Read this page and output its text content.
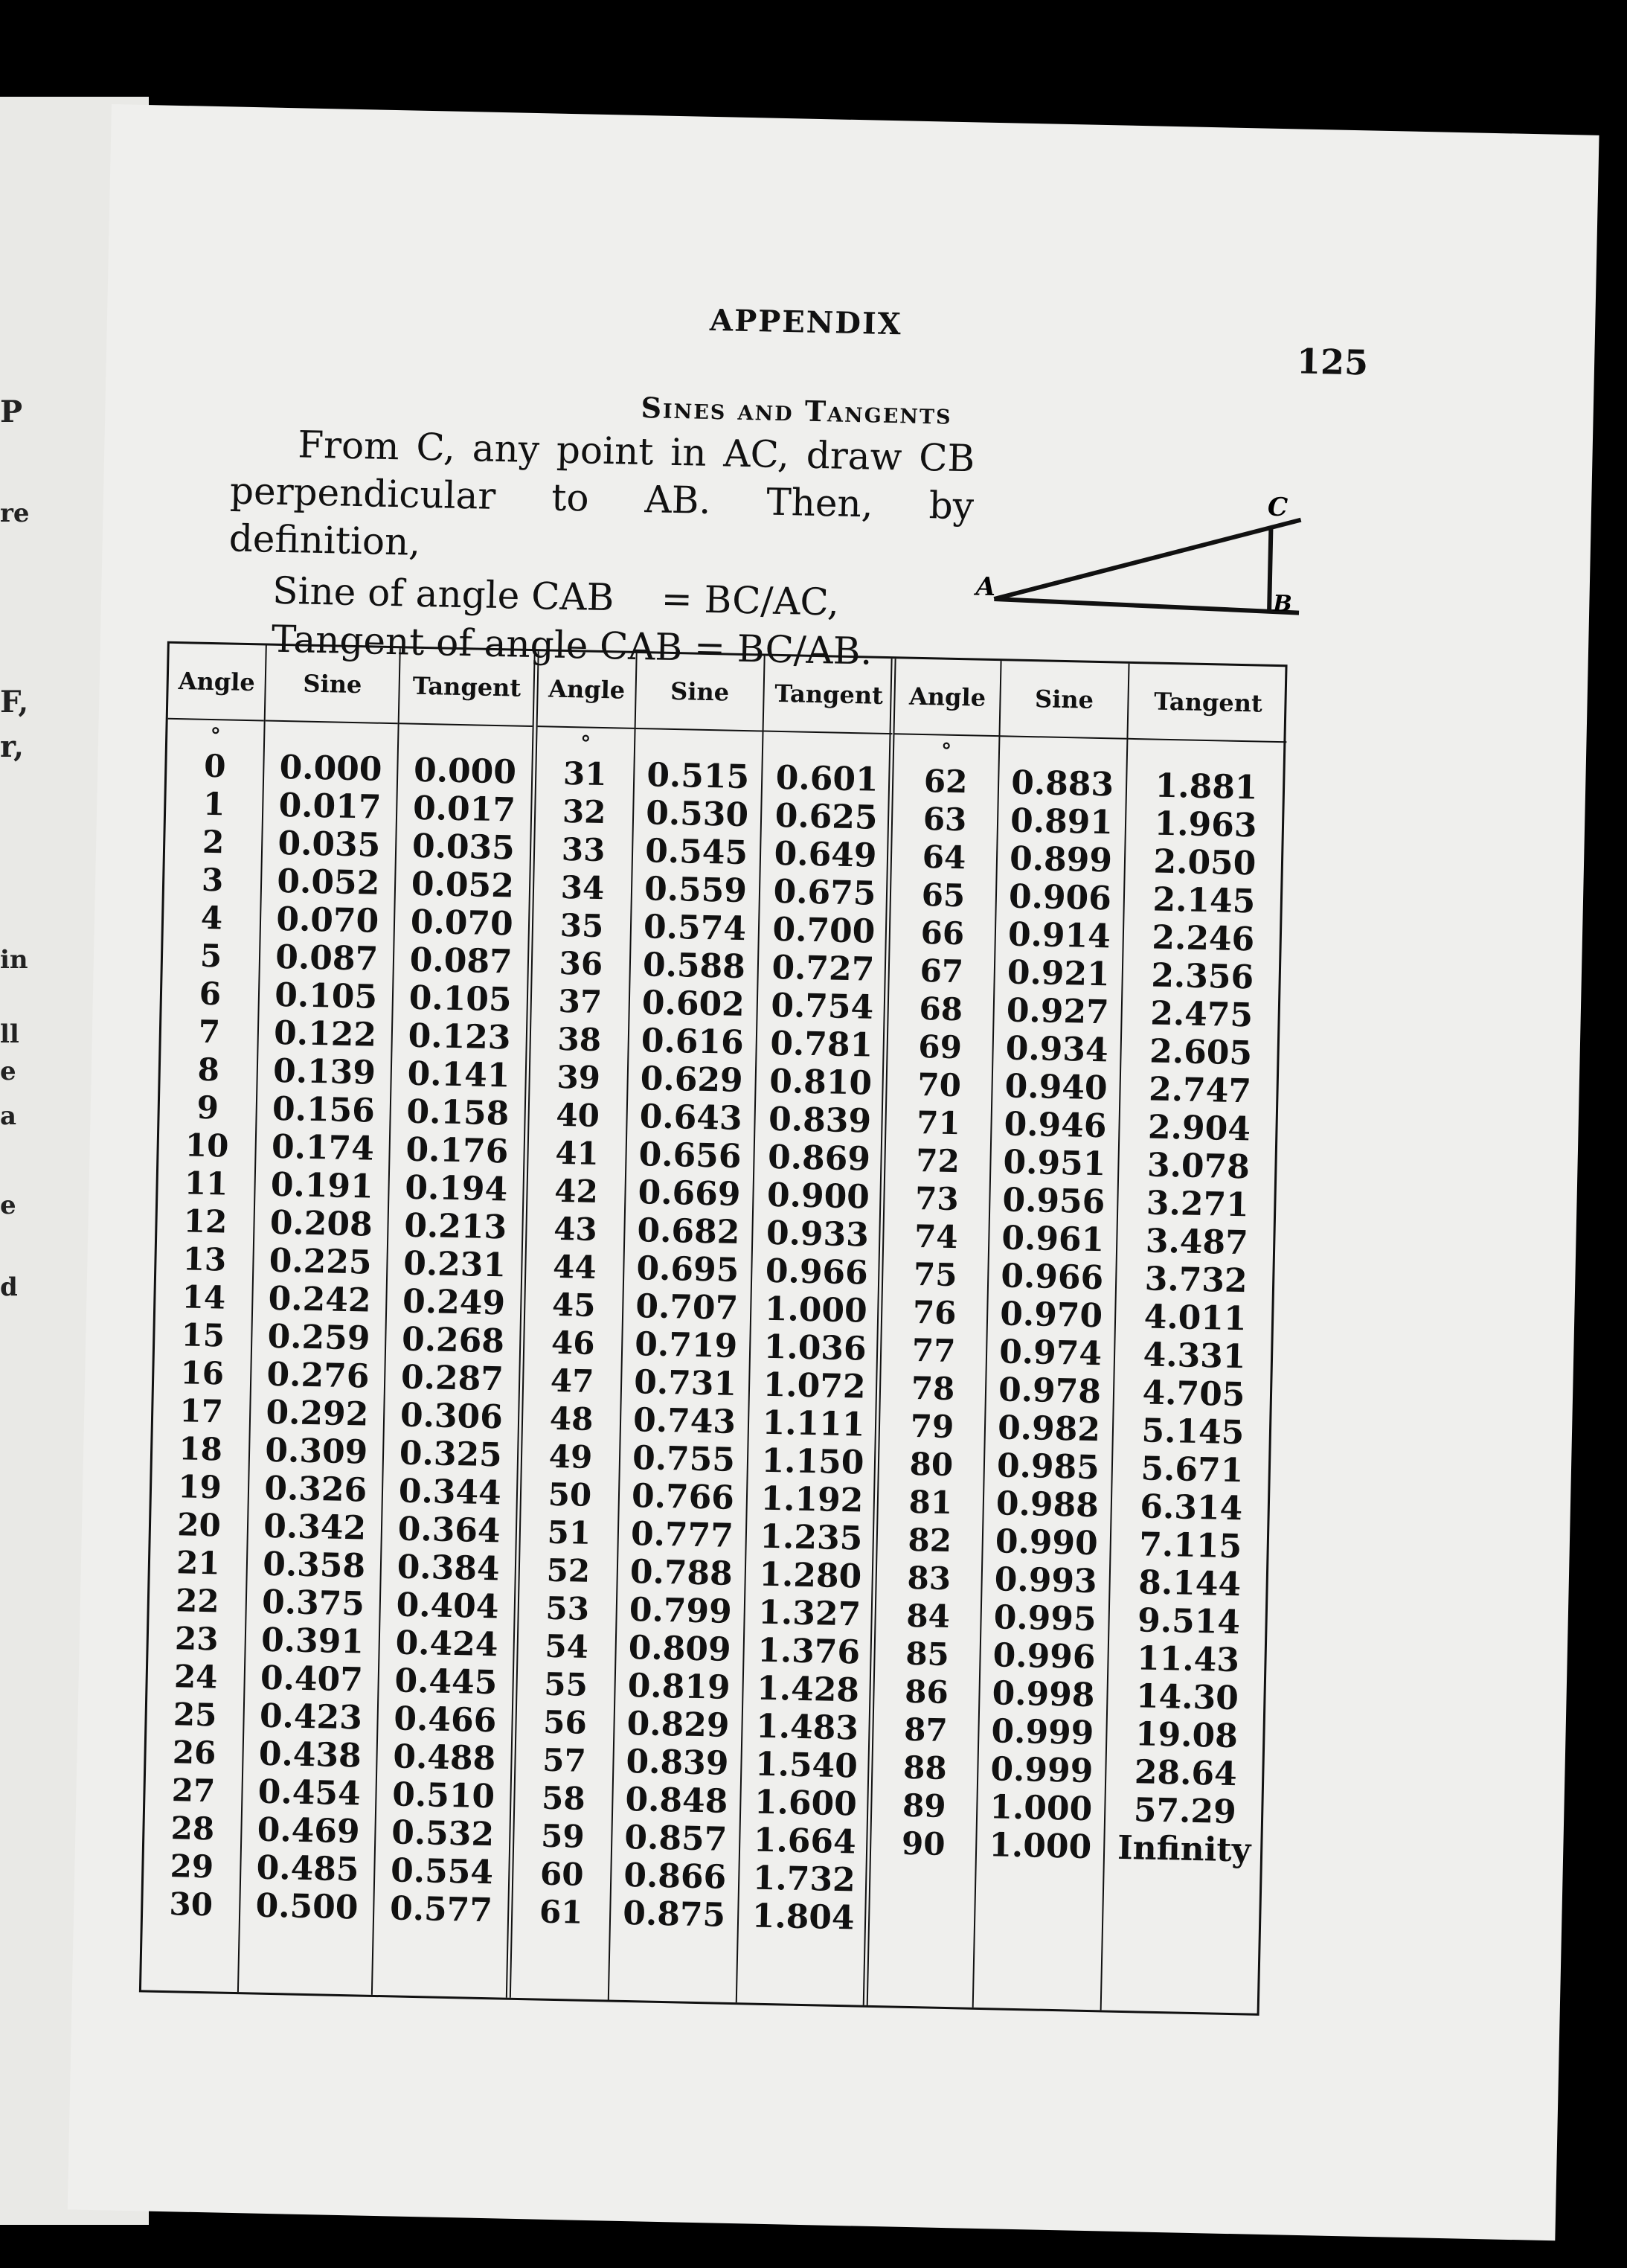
P
re
F,
r,
in
ll
e
a
e
d
APPENDIX
125
Sines and Tangents
From C, any point in AC, draw CB perpendicular to AB. Then, by definition,
Sine of angle CAB    = BC/AC,
Tangent of angle CAB = BC/AB.
A
B
C
Angle
°
0
1
2
3
4
5
6
7
8
9
10
11
12
13
14
15
16
17
18
19
20
21
22
23
24
25
26
27
28
29
30
Sine
0.000
0.017
0.035
0.052
0.070
0.087
0.105
0.122
0.139
0.156
0.174
0.191
0.208
0.225
0.242
0.259
0.276
0.292
0.309
0.326
0.342
0.358
0.375
0.391
0.407
0.423
0.438
0.454
0.469
0.485
0.500
Tangent
0.000
0.017
0.035
0.052
0.070
0.087
0.105
0.123
0.141
0.158
0.176
0.194
0.213
0.231
0.249
0.268
0.287
0.306
0.325
0.344
0.364
0.384
0.404
0.424
0.445
0.466
0.488
0.510
0.532
0.554
0.577
Angle
°
31
32
33
34
35
36
37
38
39
40
41
42
43
44
45
46
47
48
49
50
51
52
53
54
55
56
57
58
59
60
61
Sine
0.515
0.530
0.545
0.559
0.574
0.588
0.602
0.616
0.629
0.643
0.656
0.669
0.682
0.695
0.707
0.719
0.731
0.743
0.755
0.766
0.777
0.788
0.799
0.809
0.819
0.829
0.839
0.848
0.857
0.866
0.875
Tangent
0.601
0.625
0.649
0.675
0.700
0.727
0.754
0.781
0.810
0.839
0.869
0.900
0.933
0.966
1.000
1.036
1.072
1.111
1.150
1.192
1.235
1.280
1.327
1.376
1.428
1.483
1.540
1.600
1.664
1.732
1.804
Angle
°
62
63
64
65
66
67
68
69
70
71
72
73
74
75
76
77
78
79
80
81
82
83
84
85
86
87
88
89
90
Sine
0.883
0.891
0.899
0.906
0.914
0.921
0.927
0.934
0.940
0.946
0.951
0.956
0.961
0.966
0.970
0.974
0.978
0.982
0.985
0.988
0.990
0.993
0.995
0.996
0.998
0.999
0.999
1.000
1.000
Tangent
1.881
1.963
2.050
2.145
2.246
2.356
2.475
2.605
2.747
2.904
3.078
3.271
3.487
3.732
4.011
4.331
4.705
5.145
5.671
6.314
7.115
8.144
9.514
11.43
14.30
19.08
28.64
57.29
Infinity
